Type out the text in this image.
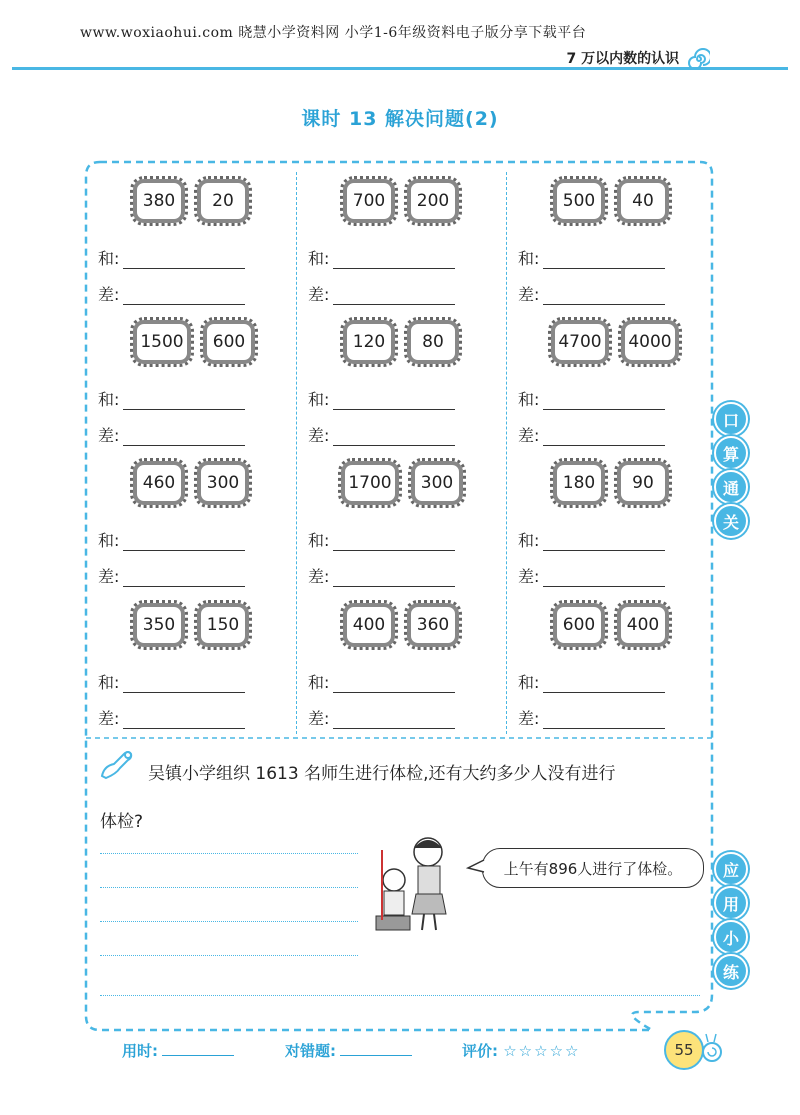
www.woxiaohui.com 晓慧小学资料网 小学1-6年级资料电子版分享下载平台
7 万以内数的认识
课时 13 解决问题(2)
380 20	700 200	500 40
和:
差:
和:
差:
和:
差:
1500 600	120 80	4700 4000
和:
差:
和:
差:
和:
差:
460 300	1700 300	180 90
和:
差:
和:
差:
和:
差:
350 150	400 360	600 400
和:
差:
和:
差:
和:
差:
吴镇小学组织 1613 名师生进行体检,还有大约多少人没有进行
体检?
上午有896人进行了体检。
口
算
通
关
应
用
小
练
用时:	对错题:	评价: ☆☆☆☆☆	55
